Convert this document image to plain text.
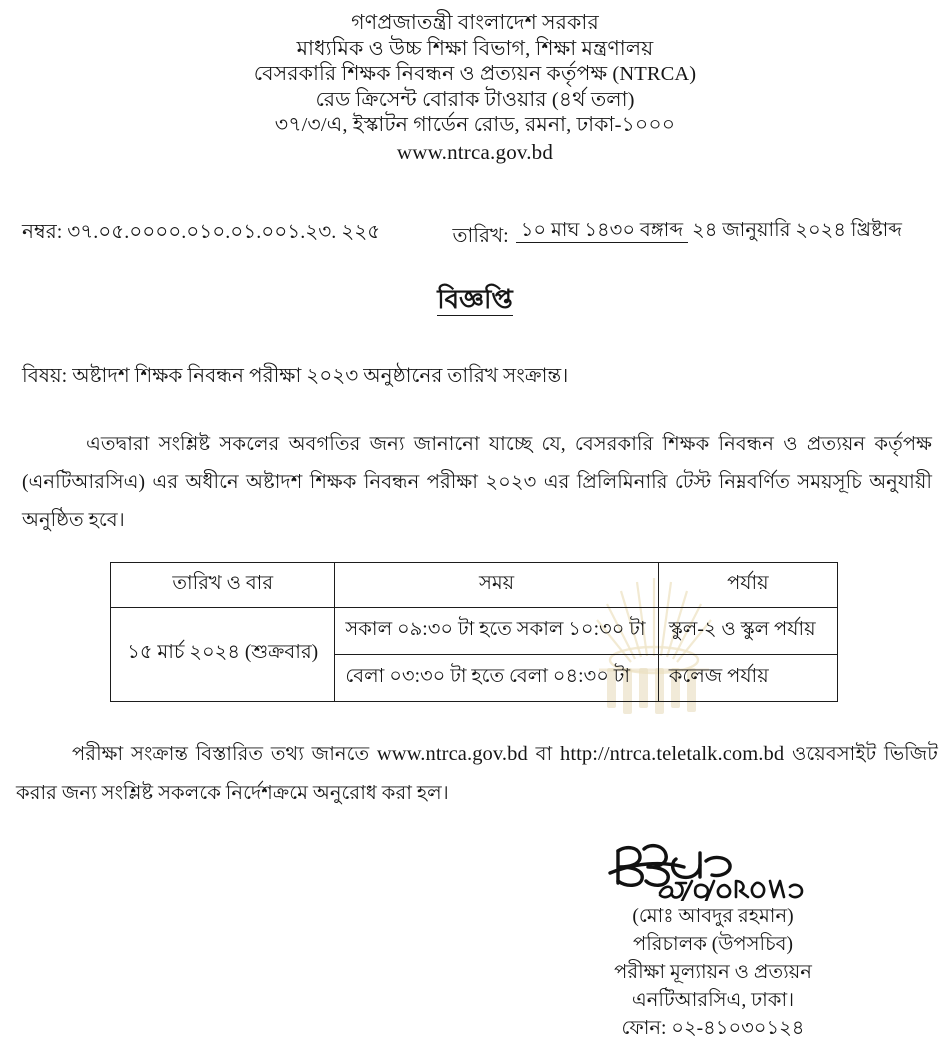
গণপ্রজাতন্ত্রী বাংলাদেশ সরকার
মাধ্যমিক ও উচ্চ শিক্ষা বিভাগ, শিক্ষা মন্ত্রণালয়
বেসরকারি শিক্ষক নিবন্ধন ও প্রত্যয়ন কর্তৃপক্ষ (NTRCA)
রেড ক্রিসেন্ট বোরাক টাওয়ার (৪র্থ তলা)
৩৭/৩/এ, ইস্কাটন গার্ডেন রোড, রমনা, ঢাকা-১০০০
www.ntrca.gov.bd
নম্বর: ৩৭.০৫.০০০০.০১০.০১.০০১.২৩. ২২৫	তারিখ: ১০ মাঘ ১৪৩০ বঙ্গাব্দ ২৪ জানুয়ারি ২০২৪ খ্রিষ্টাব্দ
বিজ্ঞপ্তি
বিষয়: অষ্টাদশ শিক্ষক নিবন্ধন পরীক্ষা ২০২৩ অনুষ্ঠানের তারিখ সংক্রান্ত।
এতদ্বারা সংশ্লিষ্ট সকলের অবগতির জন্য জানানো যাচ্ছে যে, বেসরকারি শিক্ষক নিবন্ধন ও প্রত্যয়ন কর্তৃপক্ষ (এনটিআরসিএ) এর অধীনে অষ্টাদশ শিক্ষক নিবন্ধন পরীক্ষা ২০২৩ এর প্রিলিমিনারি টেস্ট নিম্নবর্ণিত সময়সূচি অনুযায়ী অনুষ্ঠিত হবে।
তারিখ ও বার	সময়	পর্যায়
১৫ মার্চ ২০২৪ (শুক্রবার)	সকাল ০৯:৩০ টা হতে সকাল ১০:৩০ টা	স্কুল-২ ও স্কুল পর্যায়
	বেলা ০৩:৩০ টা হতে বেলা ০৪:৩০ টা	কলেজ পর্যায়
পরীক্ষা সংক্রান্ত বিস্তারিত তথ্য জানতে www.ntrca.gov.bd বা http://ntrca.teletalk.com.bd ওয়েবসাইট ভিজিট করার জন্য সংশ্লিষ্ট সকলকে নির্দেশক্রমে অনুরোধ করা হল।
(মোঃ আবদুর রহমান)
পরিচালক (উপসচিব)
পরীক্ষা মূল্যায়ন ও প্রত্যয়ন
এনটিআরসিএ, ঢাকা।
ফোন: ০২-৪১০৩০১২৪
